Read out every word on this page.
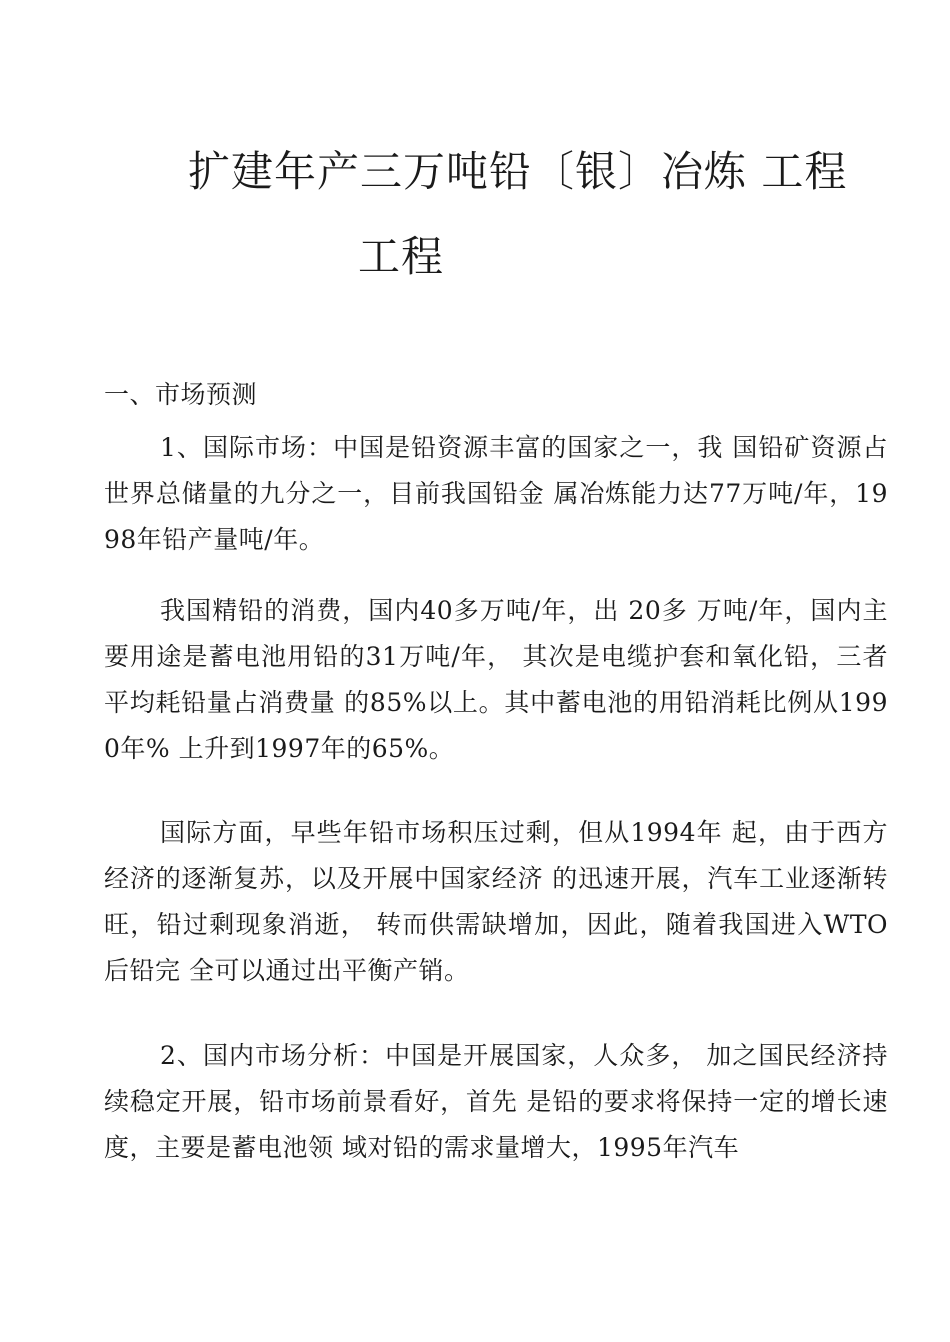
扩建年产三万吨铅〔银〕冶炼 工程
工程
一、市场预测

1、国际市场：中国是铅资源丰富的国家之一，我 国铅矿资源占世界总储量的九分之一，目前我国铅金 属冶炼能力达77万吨/年，1998年铅产量吨/年。

我国精铅的消费，国内40多万吨/年，出 20多 万吨/年，国内主要用途是蓄电池用铅的31万吨/年， 其次是电缆护套和氧化铅，三者平均耗铅量占消费量 的85%以上。其中蓄电池的用铅消耗比例从1990年% 上升到1997年的65%。

国际方面，早些年铅市场积压过剩，但从1994年 起，由于西方经济的逐渐复苏，以及开展中国家经济 的迅速开展，汽车工业逐渐转旺，铅过剩现象消逝， 转而供需缺增加，因此，随着我国进入WTO后铅完 全可以通过出平衡产销。

2、国内市场分析：中国是开展国家，人众多， 加之国民经济持续稳定开展，铅市场前景看好，首先 是铅的要求将保持一定的增长速度，主要是蓄电池领 域对铅的需求量增大，1995年汽车
